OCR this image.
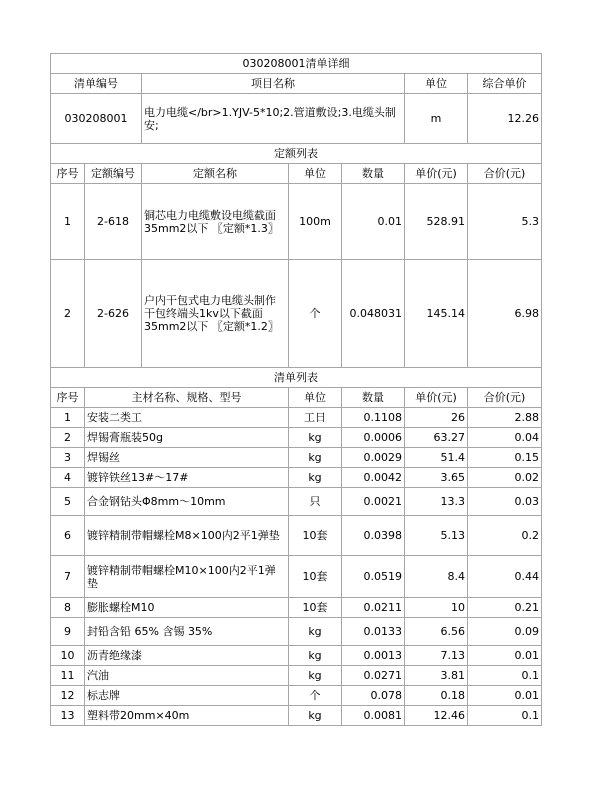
030208001清单详细						
清单编号		项目名称			单位	综合单价
030208001		电力电缆</br>1.YJV-5*10;2.管道敷设;3.电缆头制安;			m	12.26
定额列表						
序号	定额编号	定额名称	单位	数量	单价(元)	合价(元)
1	2-618	铜芯电力电缆敷设电缆截面35mm2以下 〖定额*1.3〗	100m	0.01	528.91	5.3
2	2-626	户内干包式电力电缆头制作 干包终端头1kv以下截面35mm2以下 〖定额*1.2〗	个	0.048031	145.14	6.98
清单列表						
序号	主材名称、规格、型号		单位	数量	单价(元)	合价(元)
1	安装二类工		工日	0.1108	26	2.88
2	焊锡膏瓶装50g		kg	0.0006	63.27	0.04
3	焊锡丝		kg	0.0029	51.4	0.15
4	镀锌铁丝13#～17#		kg	0.0042	3.65	0.02
5	合金钢钻头Φ8mm～10mm		只	0.0021	13.3	0.03
6	镀锌精制带帽螺栓M8×100内2平1弹垫		10套	0.0398	5.13	0.2
7	镀锌精制带帽螺栓M10×100内2平1弹垫		10套	0.0519	8.4	0.44
8	膨胀螺栓M10		10套	0.0211	10	0.21
9	封铅含铅 65% 含锡 35%		kg	0.0133	6.56	0.09
10	沥青绝缘漆		kg	0.0013	7.13	0.01
11	汽油		kg	0.0271	3.81	0.1
12	标志牌		个	0.078	0.18	0.01
13	塑料带20mm×40m		kg	0.0081	12.46	0.1
